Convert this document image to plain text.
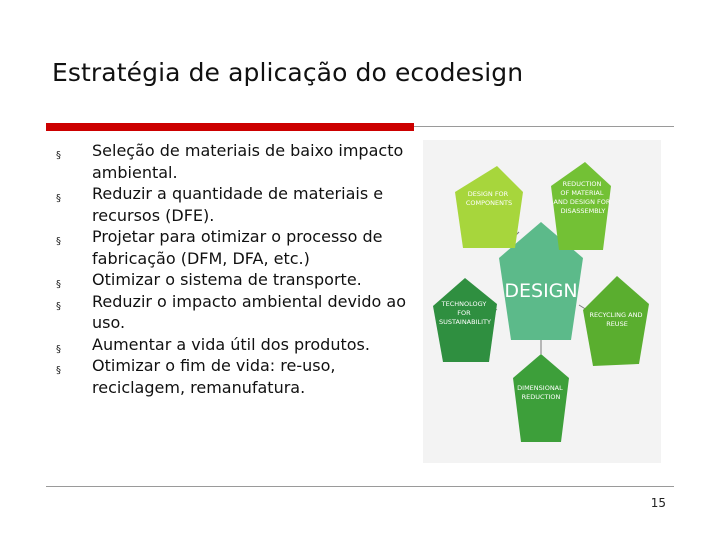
Estratégia de aplicação do ecodesign
§ Seleção de materiais de baixo impacto ambiental.
§ Reduzir a quantidade de materiais e recursos (DFE).
§ Projetar para otimizar o processo de fabricação (DFM, DFA, etc.)
§ Otimizar o sistema de transporte.
§ Reduzir o impacto ambiental devido ao uso.
§ Aumentar a vida útil dos produtos.
§ Otimizar o fim de vida: re-uso, reciclagem, remanufatura.
DESIGN
DESIGN FOR COMPONENTS
REDUCTION OF MATERIAL AND DESIGN FOR DISASSEMBLY
RECYCLING AND REUSE
DIMENSIONAL REDUCTION
TECHNOLOGY FOR SUSTAINABILITY
15
